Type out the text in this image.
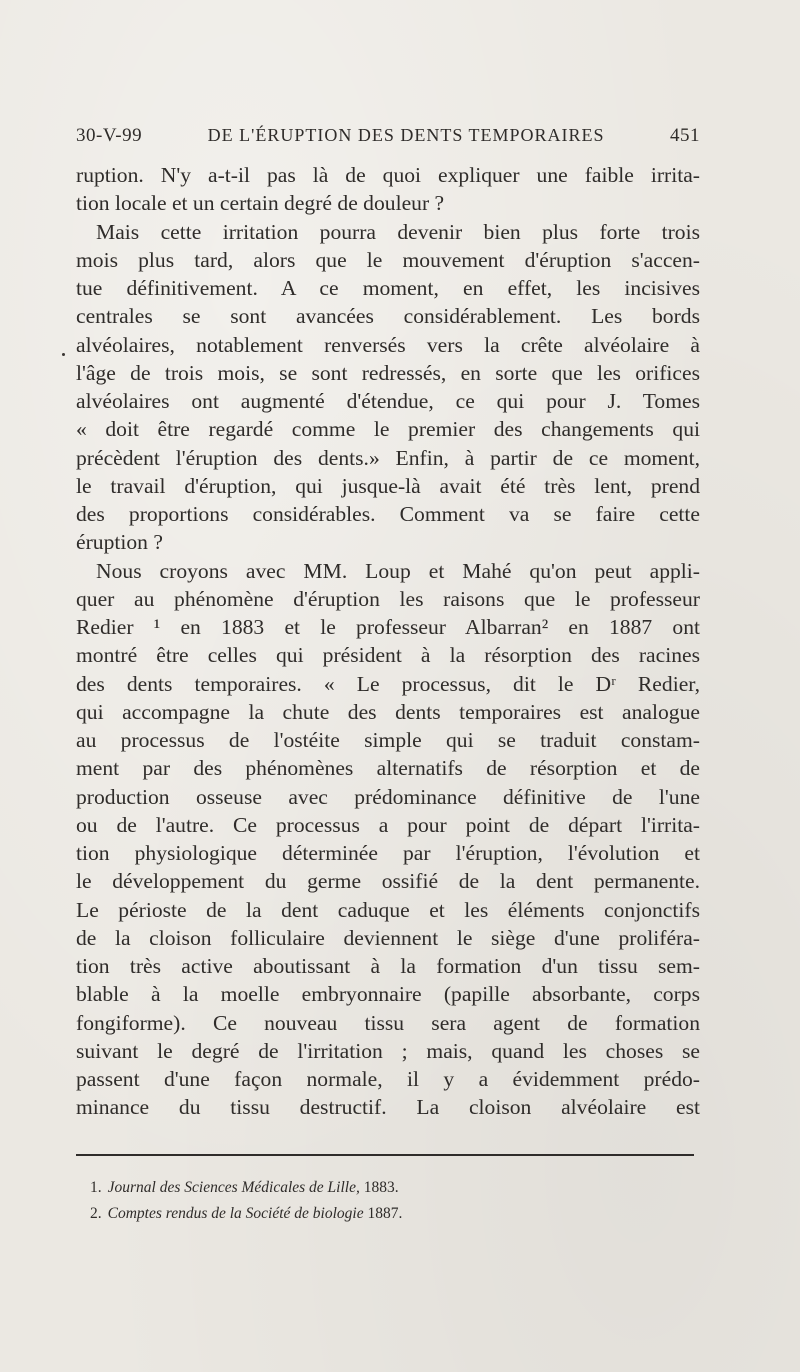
30-V-99	DE L'ÉRUPTION DES DENTS TEMPORAIRES	451
ruption. N'y a-t-il pas là de quoi expliquer une faible irrita-
tion locale et un certain degré de douleur ?
Mais cette irritation pourra devenir bien plus forte trois
mois plus tard, alors que le mouvement d'éruption s'accen-
tue définitivement. A ce moment, en effet, les incisives
centrales se sont avancées considérablement. Les bords
alvéolaires, notablement renversés vers la crête alvéolaire à
l'âge de trois mois, se sont redressés, en sorte que les orifices
alvéolaires ont augmenté d'étendue, ce qui pour J. Tomes
« doit être regardé comme le premier des changements qui
précèdent l'éruption des dents.» Enfin, à partir de ce moment,
le travail d'éruption, qui jusque-là avait été très lent, prend
des proportions considérables. Comment va se faire cette
éruption ?
Nous croyons avec MM. Loup et Mahé qu'on peut appli-
quer au phénomène d'éruption les raisons que le professeur
Redier ¹ en 1883 et le professeur Albarran² en 1887 ont
montré être celles qui président à la résorption des racines
des dents temporaires. « Le processus, dit le Dʳ Redier,
qui accompagne la chute des dents temporaires est analogue
au processus de l'ostéite simple qui se traduit constam-
ment par des phénomènes alternatifs de résorption et de
production osseuse avec prédominance définitive de l'une
ou de l'autre. Ce processus a pour point de départ l'irrita-
tion physiologique déterminée par l'éruption, l'évolution et
le développement du germe ossifié de la dent permanente.
Le périoste de la dent caduque et les éléments conjonctifs
de la cloison folliculaire deviennent le siège d'une proliféra-
tion très active aboutissant à la formation d'un tissu sem-
blable à la moelle embryonnaire (papille absorbante, corps
fongiforme). Ce nouveau tissu sera agent de formation
suivant le degré de l'irritation ; mais, quand les choses se
passent d'une façon normale, il y a évidemment prédo-
minance du tissu destructif. La cloison alvéolaire est
1. Journal des Sciences Médicales de Lille, 1883.
2. Comptes rendus de la Société de biologie 1887.
